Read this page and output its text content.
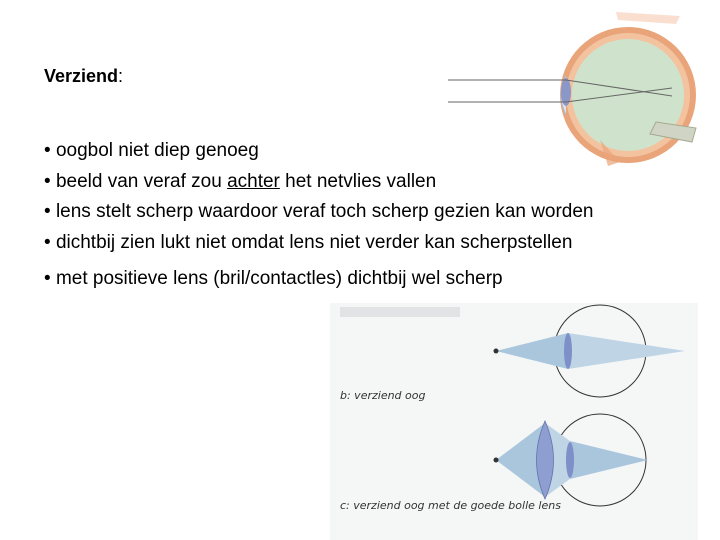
Verziend:
• oogbol niet diep genoeg
• beeld van veraf zou achter het netvlies vallen
• lens stelt scherp waardoor veraf toch scherp gezien kan worden
• dichtbij zien lukt niet omdat lens niet verder kan scherpstellen
• met positieve lens (bril/contactles) dichtbij wel scherp
b: verziend oog
c: verziend oog met de goede bolle lens
